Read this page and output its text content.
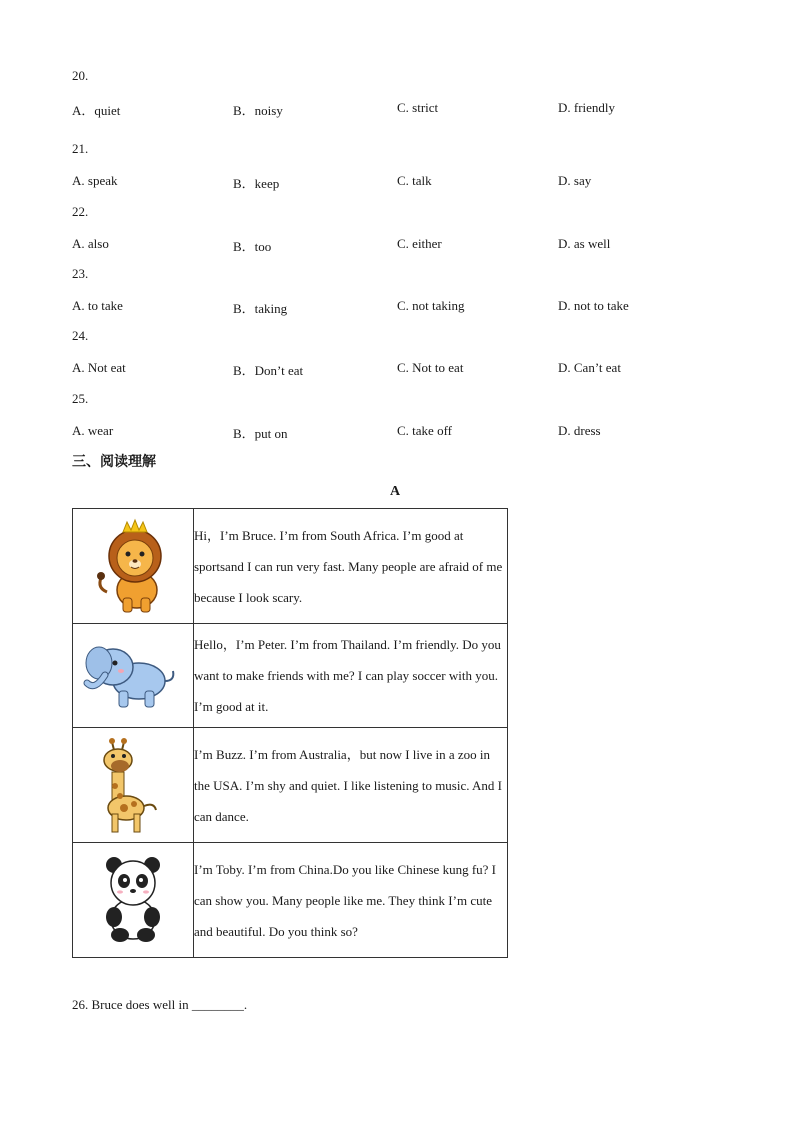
20.
A．quiet	B．noisy	C. strict	D. friendly
21.
A. speak	B．keep	C. talk	D. say
22.
A. also	B．too	C. either	D. as well
23.
A. to take	B．taking	C. not taking	D. not to take
24.
A. Not eat	B．Don’t eat	C. Not to eat	D. Can’t eat
25.
A. wear	B．put on	C. take off	D. dress
三、阅读理解
A
	Hi，I’m Bruce. I’m from South Africa. I’m good at sportsand I can run very fast. Many people are afraid of me because I look scary.

	Hello，I’m Peter. I’m from Thailand. I’m friendly. Do you want to make friends with me? I can play soccer with you. I’m good at it.

	I’m Buzz. I’m from Australia，but now I live in a zoo in the USA. I’m shy and quiet. I like listening to music. And I can dance.

	I’m Toby. I’m from China.Do you like Chinese kung fu? I can show you. Many people like me. They think I’m cute and beautiful. Do you think so?
26. Bruce does well in ________.
